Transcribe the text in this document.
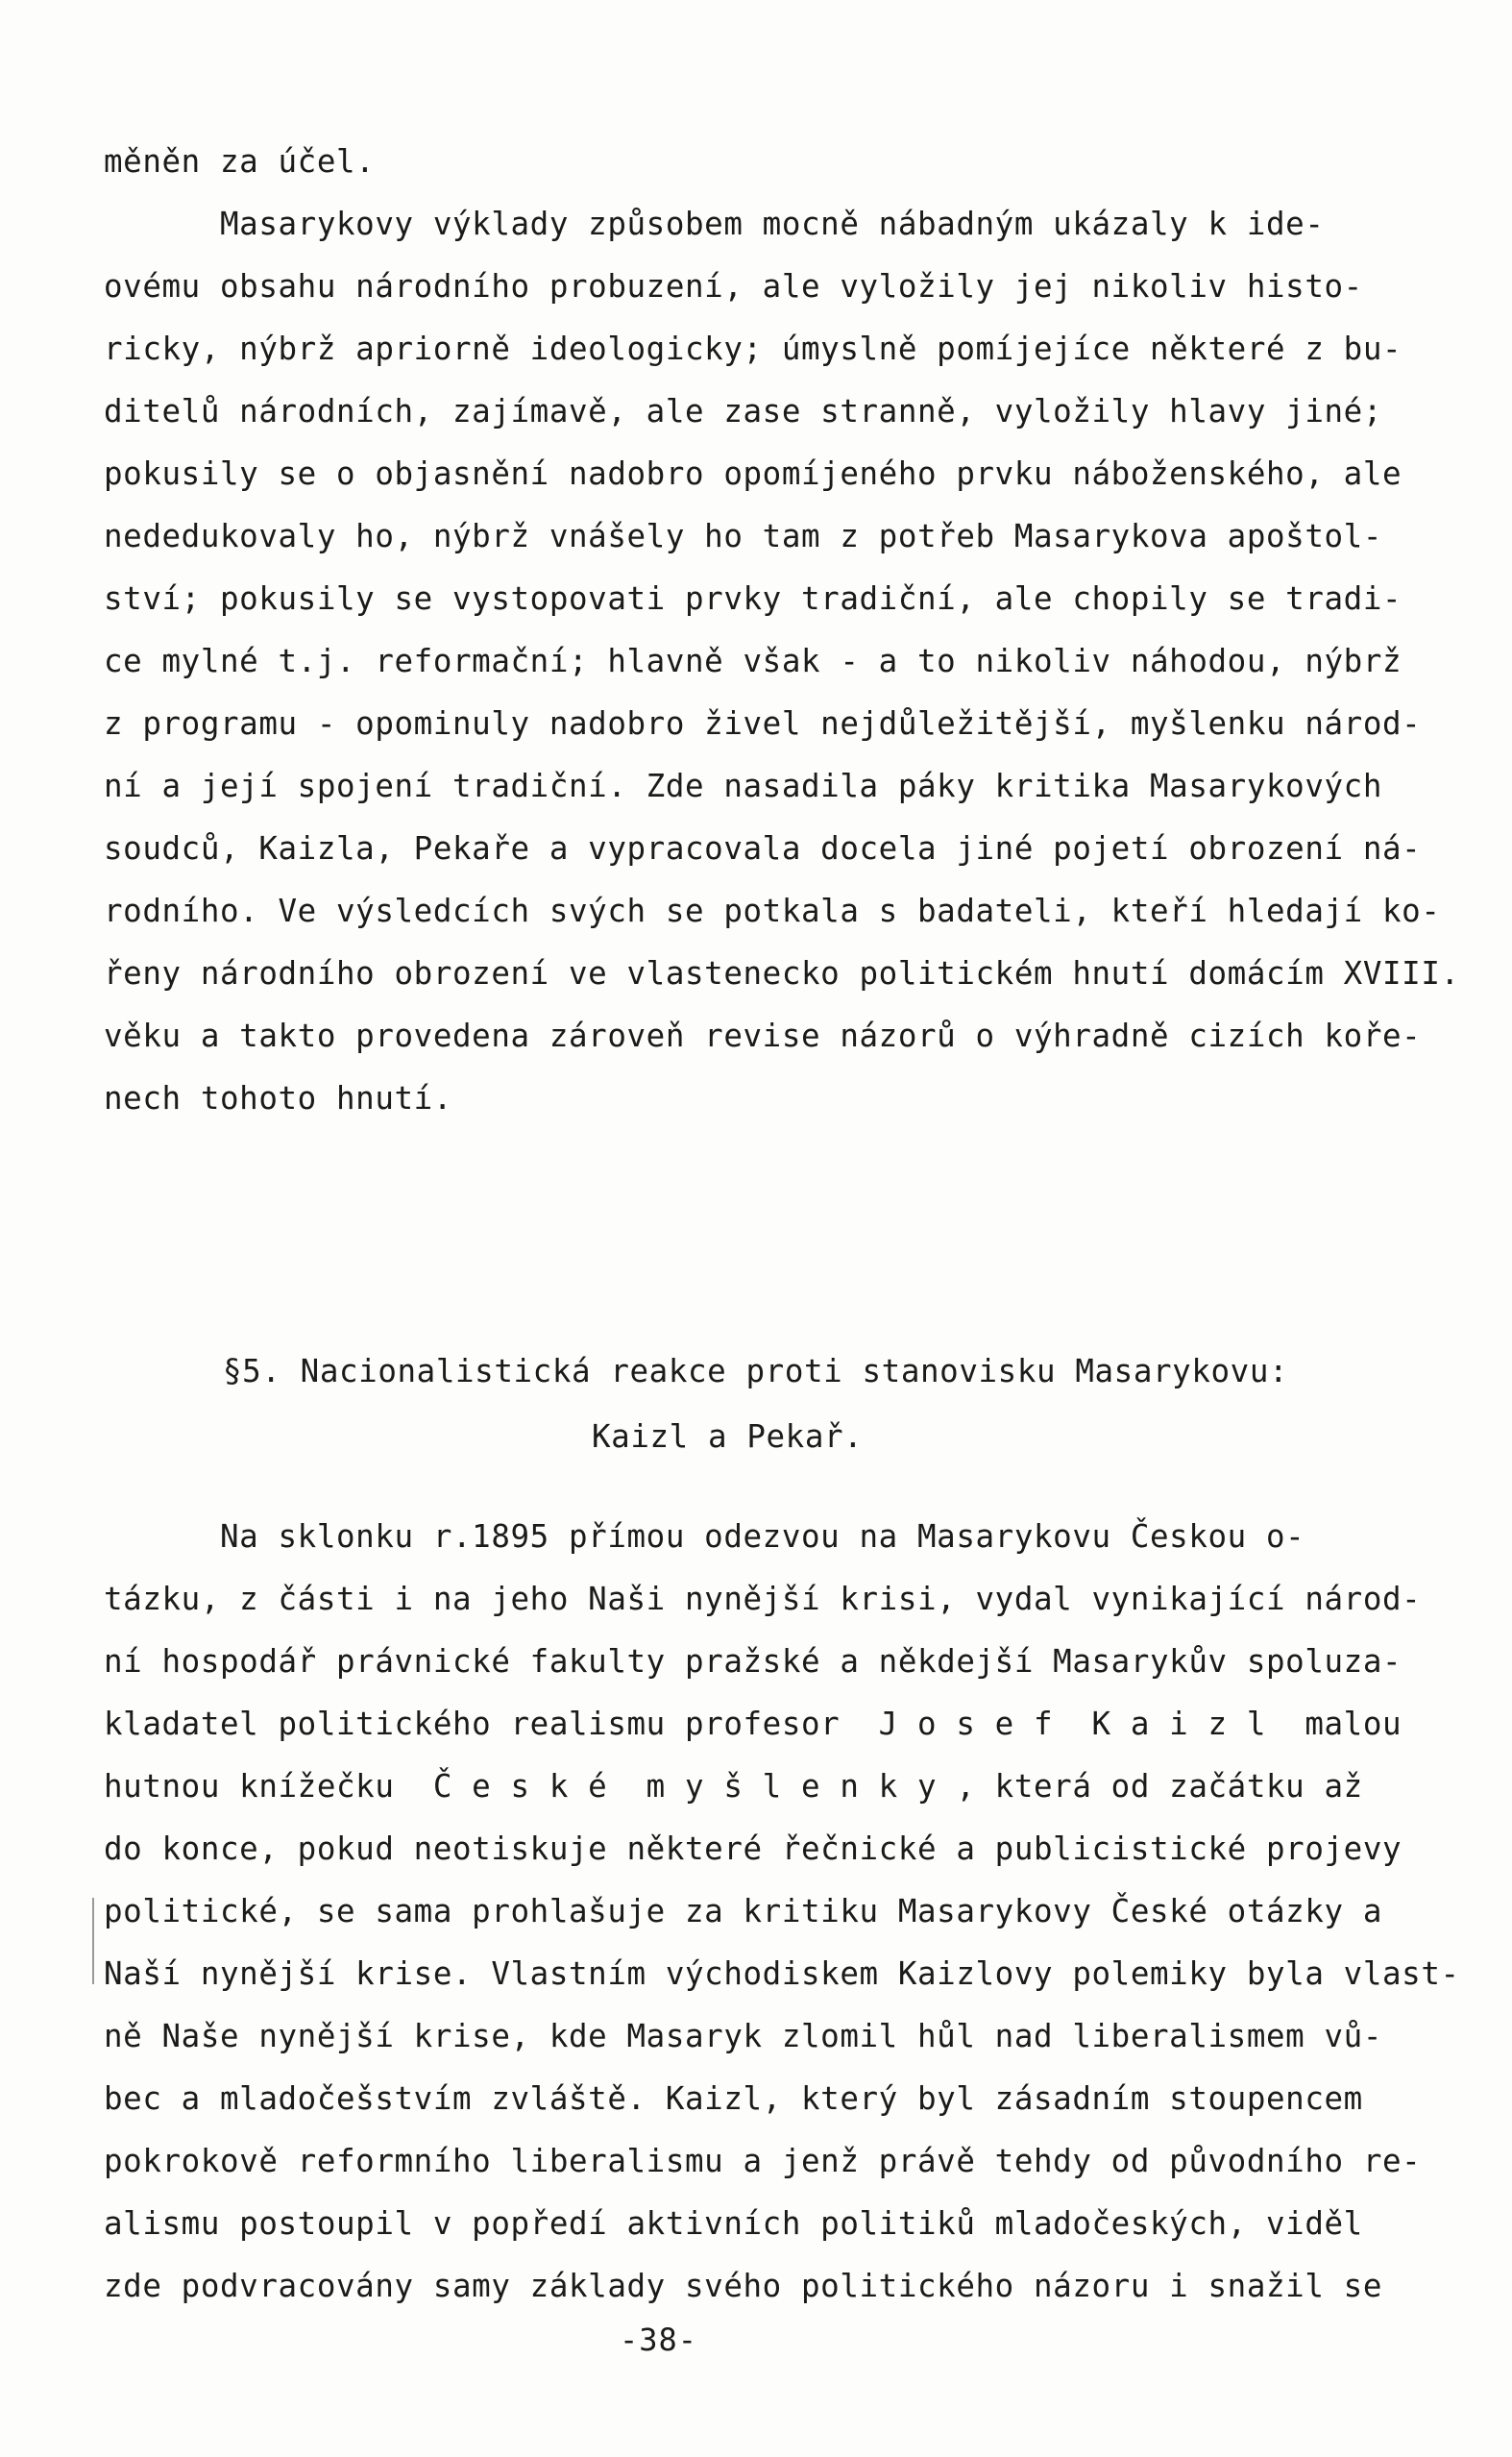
měněn za účel.
Masarykovy výklady způsobem mocně nábadným ukázaly k ide-
ovému obsahu národního probuzení, ale vyložily jej nikoliv histo-
ricky, nýbrž apriorně ideologicky; úmyslně pomíjejíce některé z bu-
ditelů národních, zajímavě, ale zase stranně, vyložily hlavy jiné;
pokusily se o objasnění nadobro opomíjeného prvku náboženského, ale
nededukovaly ho, nýbrž vnášely ho tam z potřeb Masarykova apoštol-
ství; pokusily se vystopovati prvky tradiční, ale chopily se tradi-
ce mylné t.j. reformační; hlavně však - a to nikoliv náhodou, nýbrž
z programu - opominuly nadobro živel nejdůležitější, myšlenku národ-
ní a její spojení tradiční. Zde nasadila páky kritika Masarykových
soudců, Kaizla, Pekaře a vypracovala docela jiné pojetí obrození ná-
rodního. Ve výsledcích svých se potkala s badateli, kteří hledají ko-
řeny národního obrození ve vlastenecko politickém hnutí domácím XVIII.
věku a takto provedena zároveň revise názorů o výhradně cizích koře-
nech tohoto hnutí.
§5. Nacionalistická reakce proti stanovisku Masarykovu:
Kaizl a Pekař.
Na sklonku r.1895 přímou odezvou na Masarykovu Českou o-
tázku, z části i na jeho Naši nynější krisi, vydal vynikající národ-
ní hospodář právnické fakulty pražské a někdejší Masarykův spoluza-
kladatel politického realismu profesor  J o s e f  K a i z l  malou
hutnou knížečku  Č e s k é  m y š l e n k y , která od začátku až
do konce, pokud neotiskuje některé řečnické a publicistické projevy
politické, se sama prohlašuje za kritiku Masarykovy České otázky a
Naší nynější krise. Vlastním východiskem Kaizlovy polemiky byla vlast-
ně Naše nynější krise, kde Masaryk zlomil hůl nad liberalismem vů-
bec a mladočešstvím zvláště. Kaizl, který byl zásadním stoupencem
pokrokově reformního liberalismu a jenž právě tehdy od původního re-
alismu postoupil v popředí aktivních politiků mladočeských, viděl
zde podvracovány samy základy svého politického názoru i snažil se
-38-
